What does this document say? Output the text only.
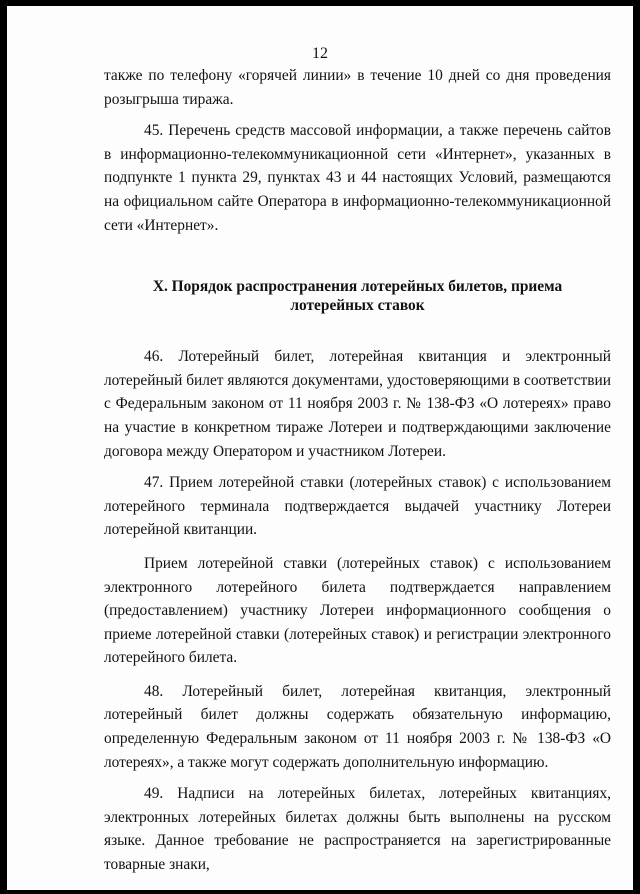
12

также по телефону «горячей линии» в течение 10 дней со дня проведения розыгрыша тиража.

45. Перечень средств массовой информации, а также перечень сайтов в информационно-телекоммуникационной сети «Интернет», указанных в подпункте 1 пункта 29, пунктах 43 и 44 настоящих Условий, размещаются на официальном сайте Оператора в информационно-телекоммуникационной сети «Интернет».

X. Порядок распространения лотерейных билетов, приема
лотерейных ставок

46. Лотерейный билет, лотерейная квитанция и электронный лотерейный билет являются документами, удостоверяющими в соответствии с Федеральным законом от 11 ноября 2003 г. № 138-ФЗ «О лотереях» право на участие в конкретном тираже Лотереи и подтверждающими заключение договора между Оператором и участником Лотереи.

47. Прием лотерейной ставки (лотерейных ставок) с использованием лотерейного терминала подтверждается выдачей участнику Лотереи лотерейной квитанции.

Прием лотерейной ставки (лотерейных ставок) с использованием электронного лотерейного билета подтверждается направлением (предоставлением) участнику Лотереи информационного сообщения о приеме лотерейной ставки (лотерейных ставок) и регистрации электронного лотерейного билета.

48. Лотерейный билет, лотерейная квитанция, электронный лотерейный билет должны содержать обязательную информацию, определенную Федеральным законом от 11 ноября 2003 г. № 138-ФЗ «О лотереях», а также могут содержать дополнительную информацию.

49. Надписи на лотерейных билетах, лотерейных квитанциях, электронных лотерейных билетах должны быть выполнены на русском языке. Данное требование не распространяется на зарегистрированные товарные знаки,
